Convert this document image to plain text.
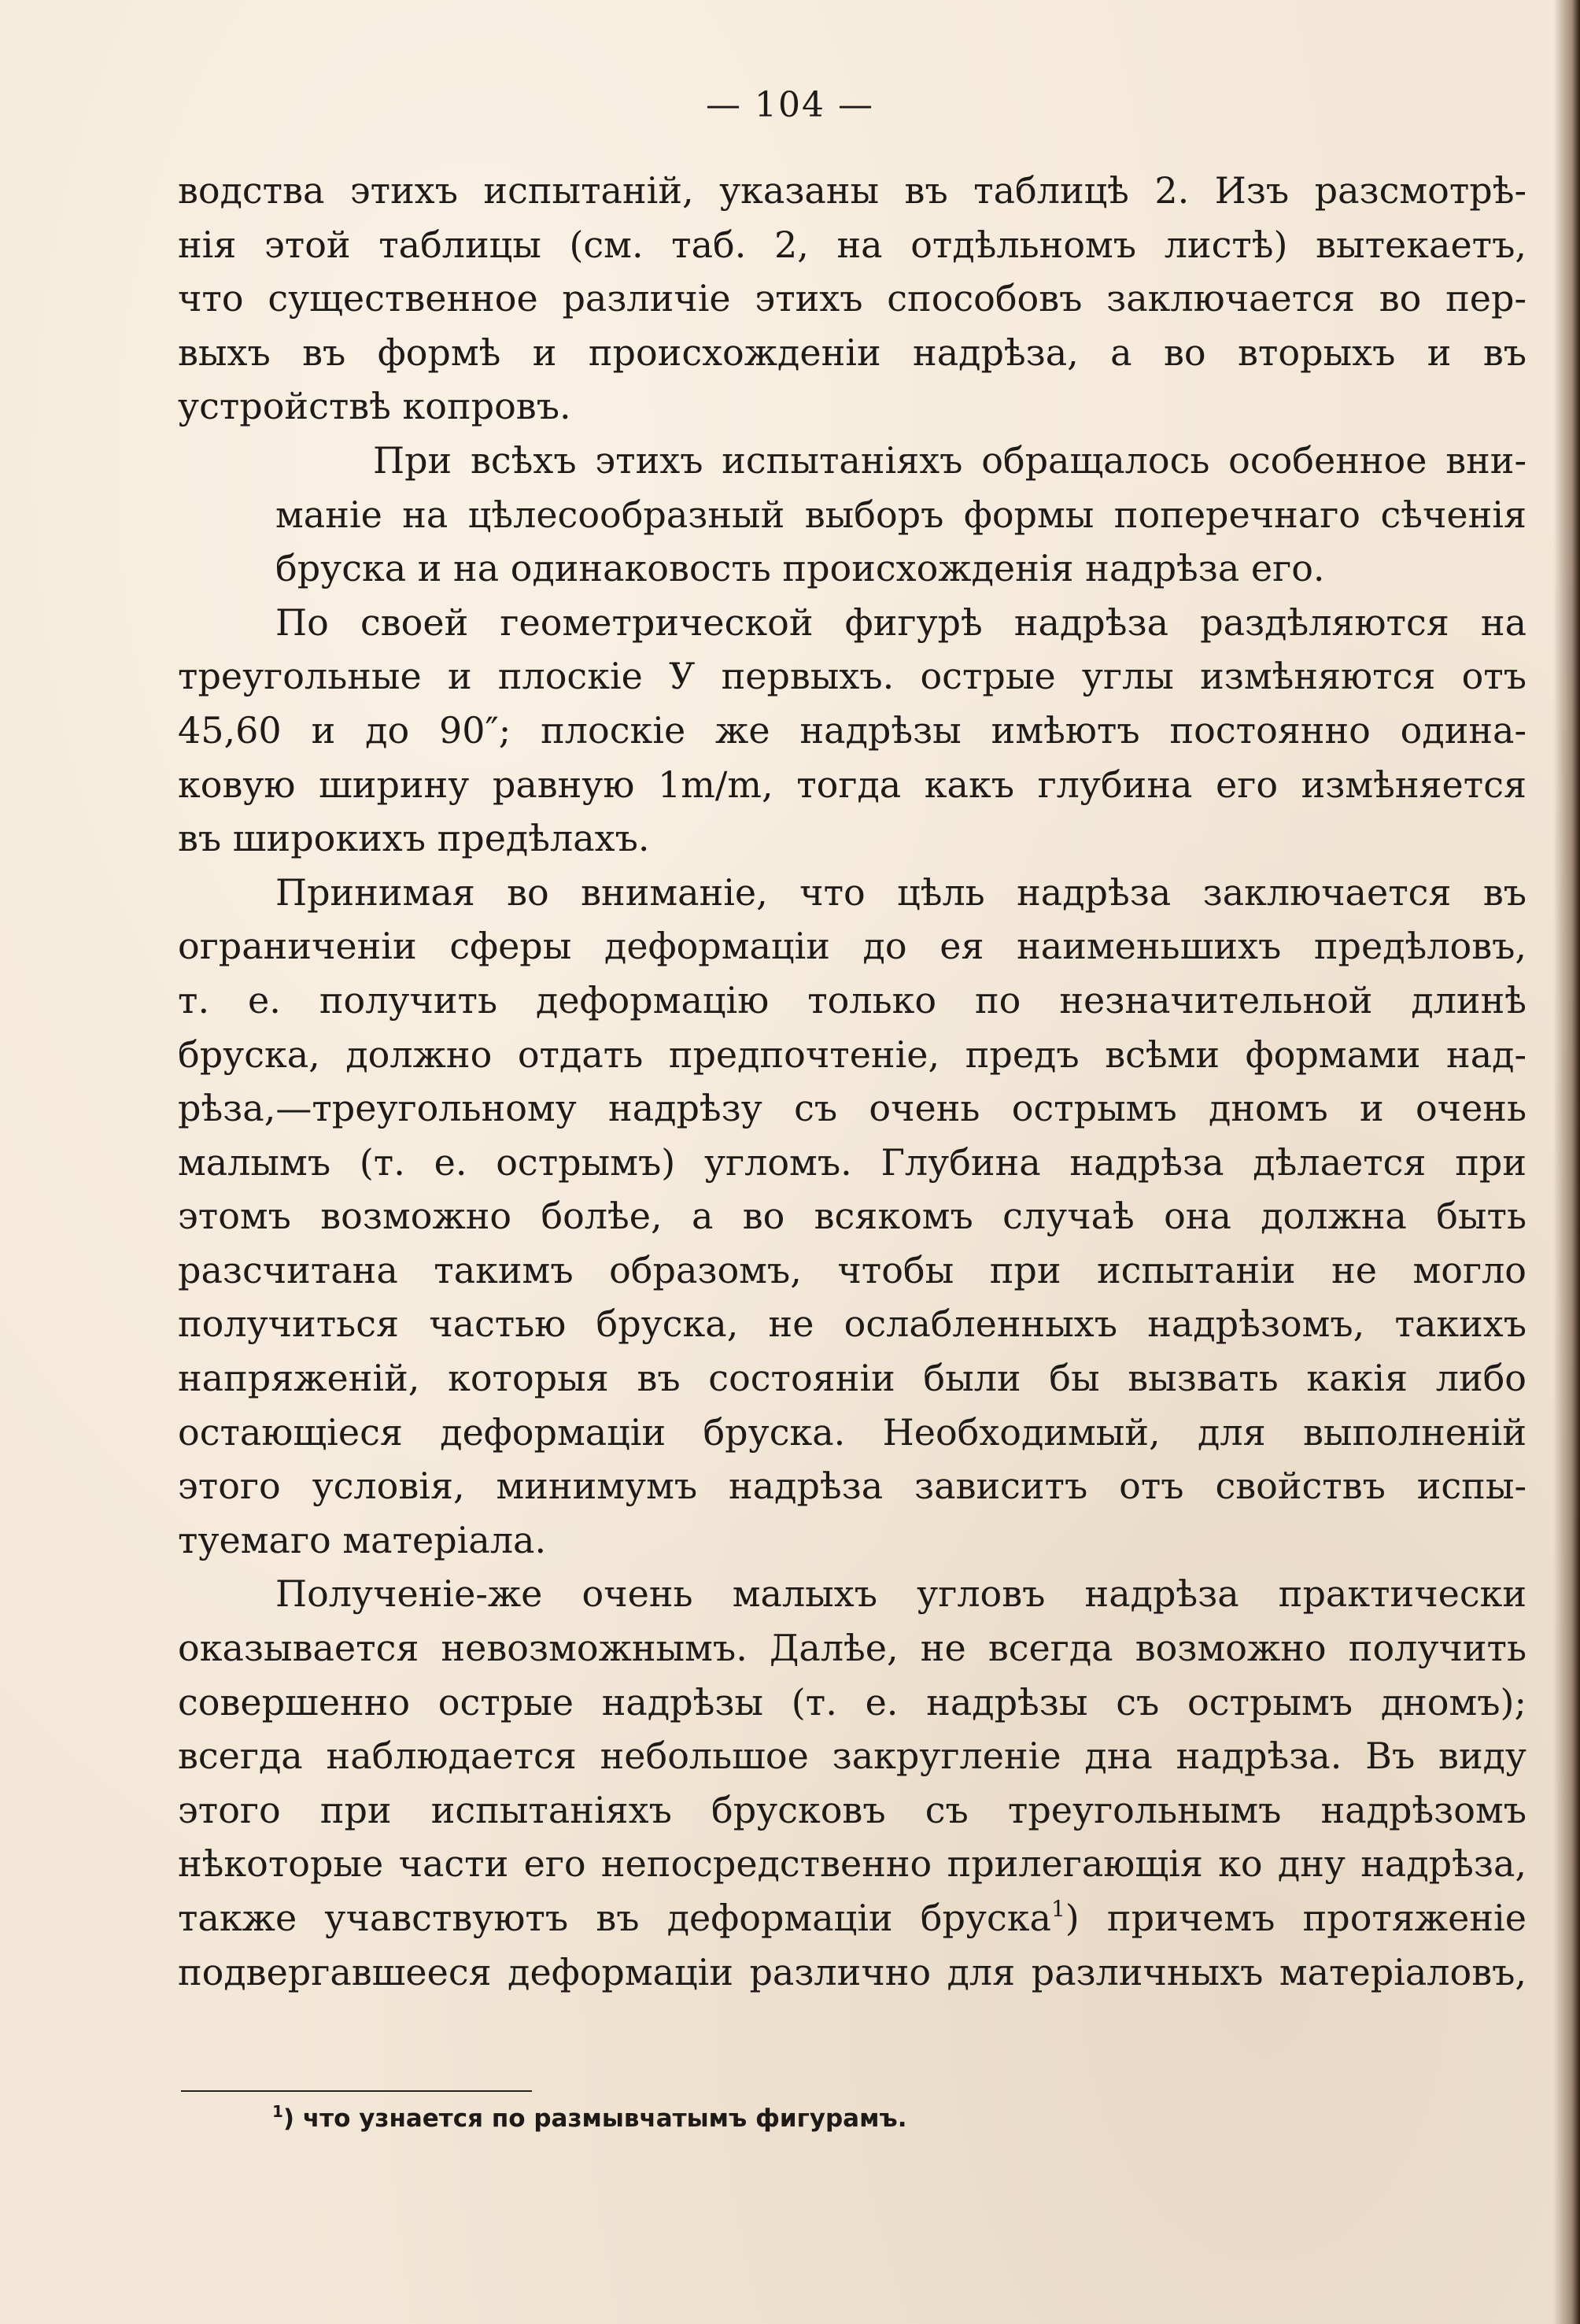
— 104 —

водства этихъ испытаній, указаны въ таблицѣ 2. Изъ разсмотрѣ-
нія этой таблицы (см. таб. 2, на отдѣльномъ листѣ) вытекаетъ,
что существенное различіе этихъ способовъ заключается во пер-
выхъ въ формѣ и происхожденіи надрѣза, а во вторыхъ и въ
устройствѣ копровъ.

При всѣхъ этихъ испытаніяхъ обращалось особенное вни-
маніе на цѣлесообразный выборъ формы поперечнаго сѣченія
бруска и на одинаковость происхожденія надрѣза его.

По своей геометрической фигурѣ надрѣза раздѣляются на
треугольные и плоскіе У первыхъ. острые углы измѣняются отъ
45,60 и до 90″; плоскіе же надрѣзы имѣютъ постоянно одина-
ковую ширину равную 1m/m, тогда какъ глубина его измѣняется
въ широкихъ предѣлахъ.

Принимая во вниманіе, что цѣль надрѣза заключается въ
ограниченіи сферы деформаціи до ея наименьшихъ предѣловъ,
т. е. получить деформацію только по незначительной длинѣ
бруска, должно отдать предпочтеніе, предъ всѣми формами над-
рѣза,—треугольному надрѣзу съ очень острымъ дномъ и очень
малымъ (т. е. острымъ) угломъ. Глубина надрѣза дѣлается при
этомъ возможно болѣе, а во всякомъ случаѣ она должна быть
разсчитана такимъ образомъ, чтобы при испытаніи не могло
получиться частью бруска, не ослабленныхъ надрѣзомъ, такихъ
напряженій, которыя въ состояніи были бы вызвать какія либо
остающіеся деформаціи бруска. Необходимый, для выполненій
этого условія, минимумъ надрѣза зависитъ отъ свойствъ испы-
туемаго матеріала.

Полученіе-же очень малыхъ угловъ надрѣза практически
оказывается невозможнымъ. Далѣе, не всегда возможно получить
совершенно острые надрѣзы (т. е. надрѣзы съ острымъ дномъ);
всегда наблюдается небольшое закругленіе дна надрѣза. Въ виду
этого при испытаніяхъ брусковъ съ треугольнымъ надрѣзомъ
нѣкоторые части его непосредственно прилегающія ко дну надрѣза,
также учавствуютъ въ деформаціи бруска$^1$) причемъ протяженіе
подвергавшееся деформаціи различно для различныхъ матеріаловъ,

$^1$) что узнается по размывчатымъ фигурамъ.
